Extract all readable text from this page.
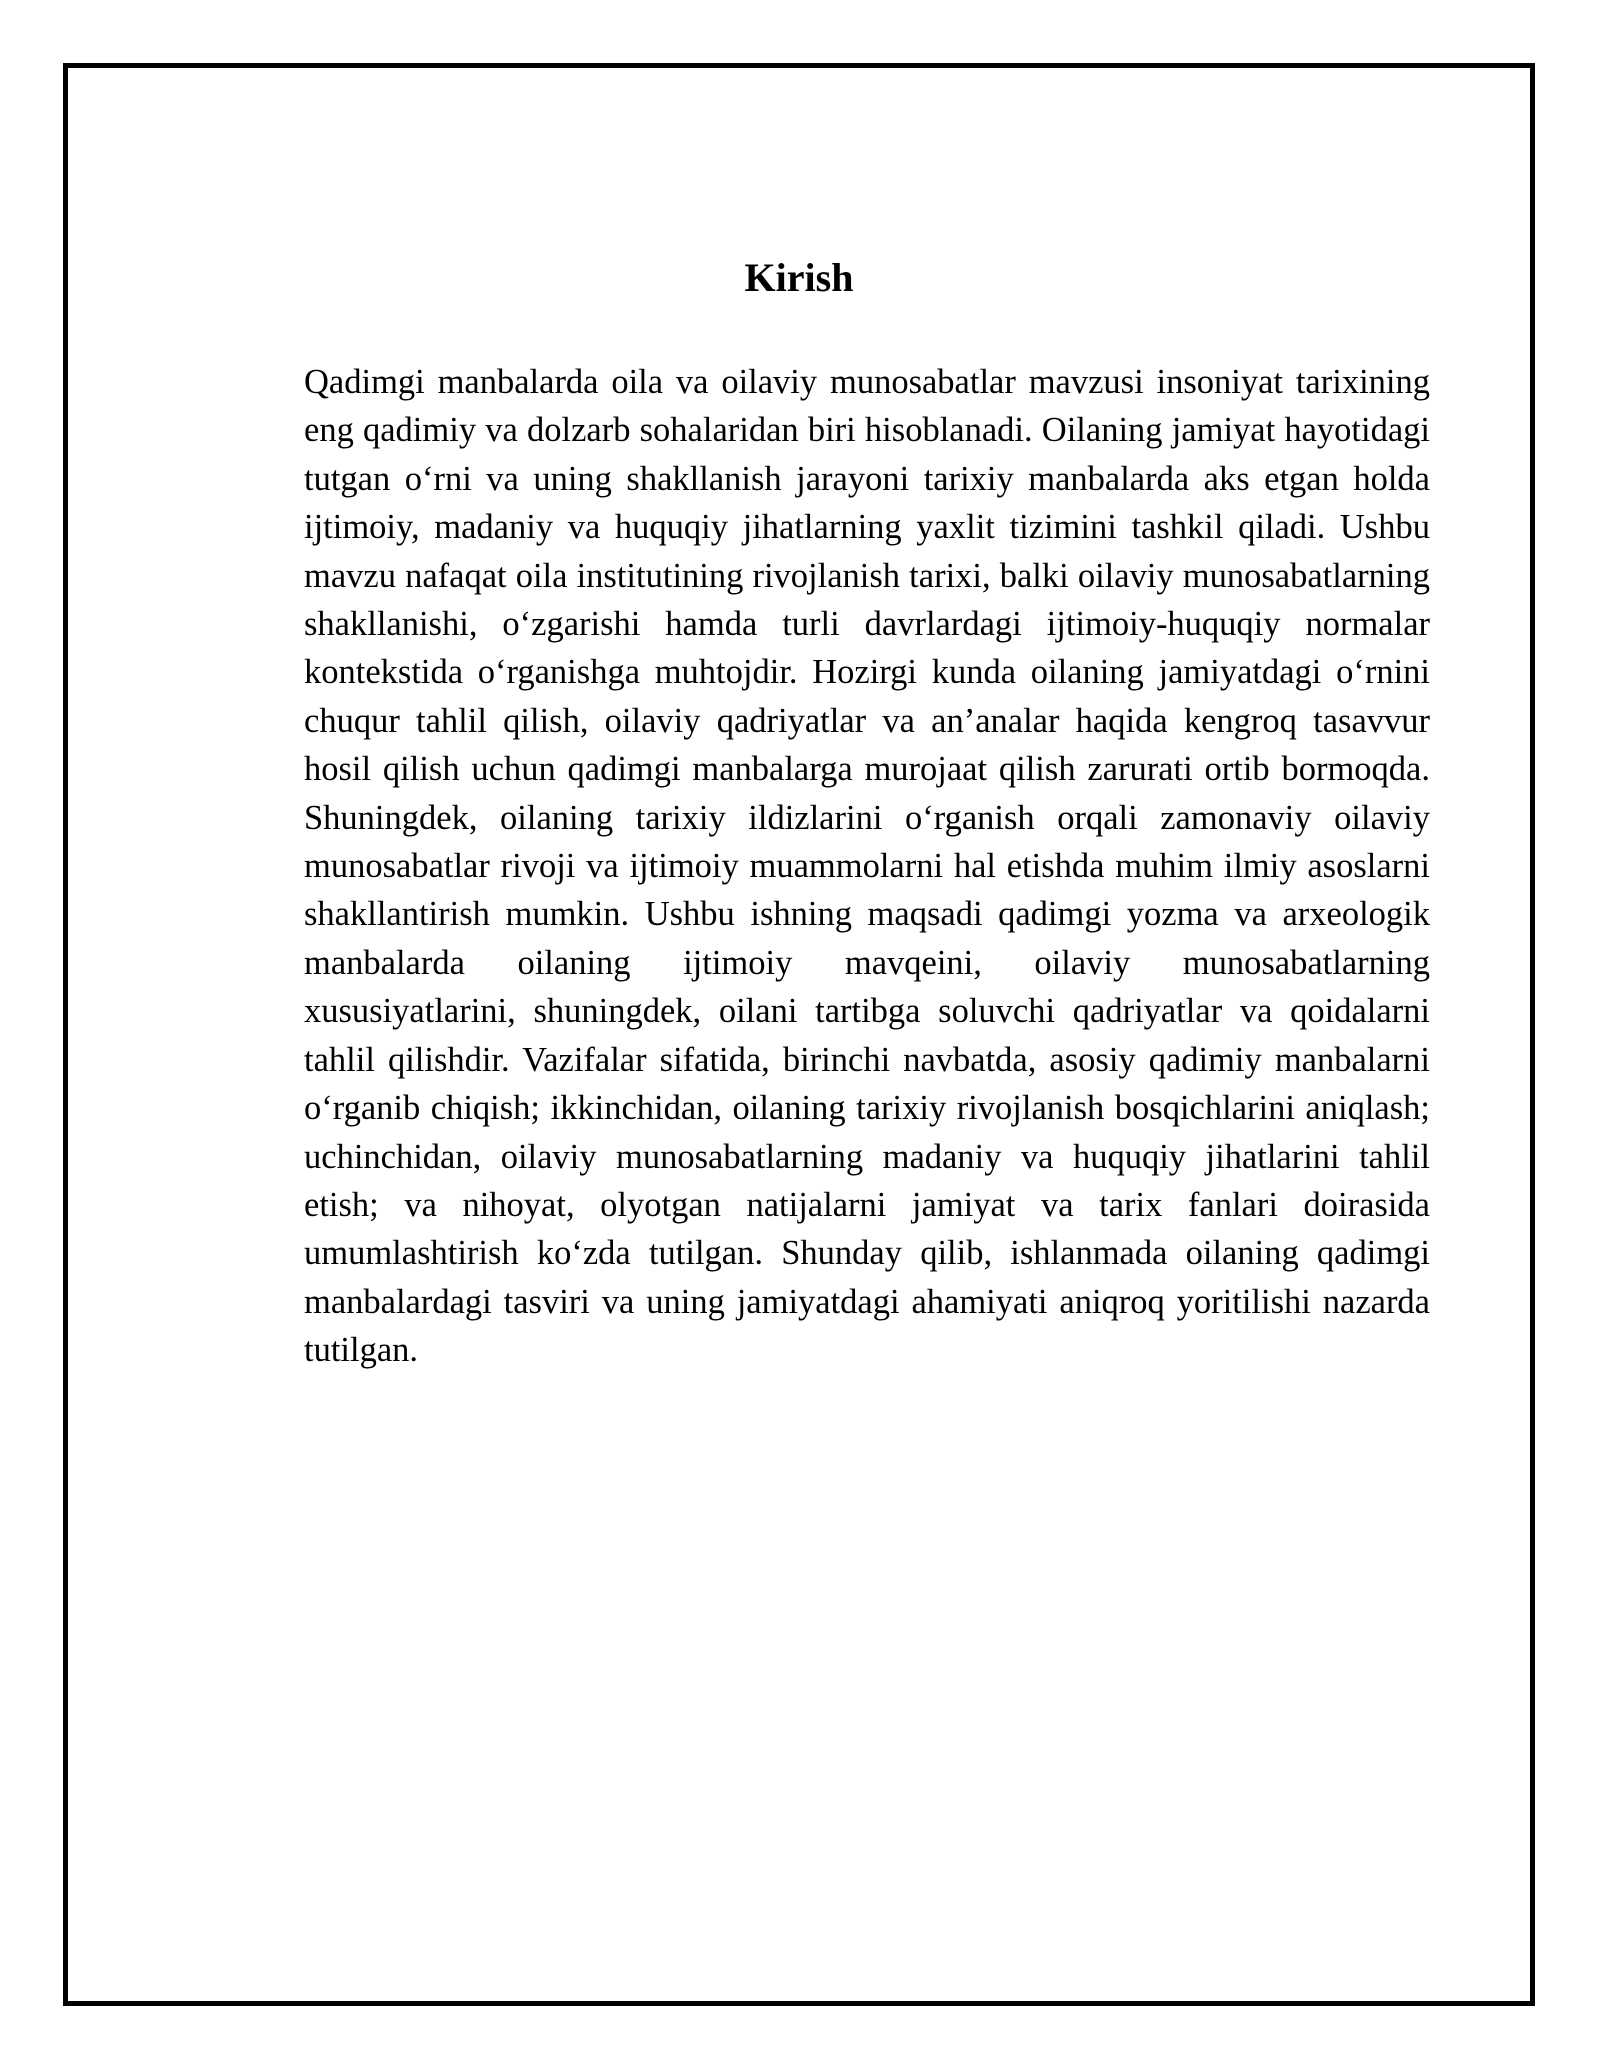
Kirish

Qadimgi manbalarda oila va oilaviy munosabatlar mavzusi insoniyat tarixining eng qadimiy va dolzarb sohalaridan biri hisoblanadi. Oilaning jamiyat hayotidagi tutgan oʻrni va uning shakllanish jarayoni tarixiy manbalarda aks etgan holda ijtimoiy, madaniy va huquqiy jihatlarning yaxlit tizimini tashkil qiladi. Ushbu mavzu nafaqat oila institutining rivojlanish tarixi, balki oilaviy munosabatlarning shakllanishi, oʻzgarishi hamda turli davrlardagi ijtimoiy-huquqiy normalar kontekstida oʻrganishga muhtojdir. Hozirgi kunda oilaning jamiyatdagi oʻrnini chuqur tahlil qilish, oilaviy qadriyatlar va an’analar haqida kengroq tasavvur hosil qilish uchun qadimgi manbalarga murojaat qilish zarurati ortib bormoqda. Shuningdek, oilaning tarixiy ildizlarini oʻrganish orqali zamonaviy oilaviy munosabatlar rivoji va ijtimoiy muammolarni hal etishda muhim ilmiy asoslarni shakllantirish mumkin. Ushbu ishning maqsadi qadimgi yozma va arxeologik manbalarda oilaning ijtimoiy mavqeini, oilaviy munosabatlarning xususiyatlarini, shuningdek, oilani tartibga soluvchi qadriyatlar va qoidalarni tahlil qilishdir. Vazifalar sifatida, birinchi navbatda, asosiy qadimiy manbalarni oʻrganib chiqish; ikkinchidan, oilaning tarixiy rivojlanish bosqichlarini aniqlash; uchinchidan, oilaviy munosabatlarning madaniy va huquqiy jihatlarini tahlil etish; va nihoyat, olyotgan natijalarni jamiyat va tarix fanlari doirasida umumlashtirish koʻzda tutilgan. Shunday qilib, ishlanmada oilaning qadimgi manbalardagi tasviri va uning jamiyatdagi ahamiyati aniqroq yoritilishi nazarda tutilgan.
